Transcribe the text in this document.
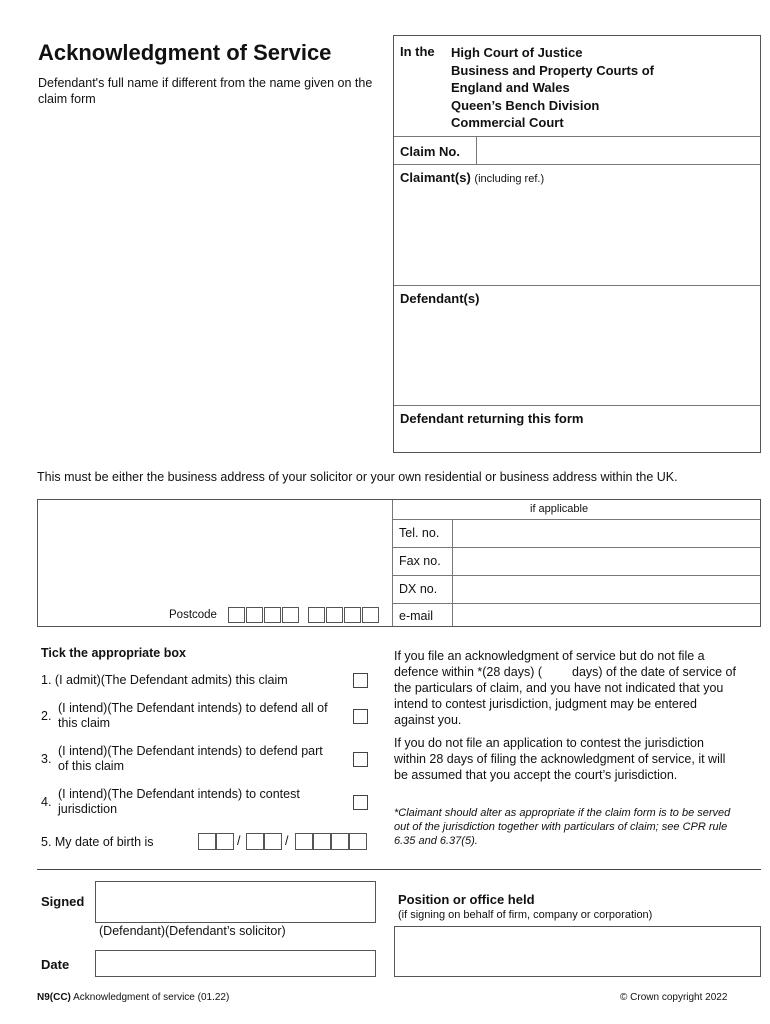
Acknowledgment of Service
Defendant's full name if different from the name given on the claim form
In the High Court of Justice
Business and Property Courts of
England and Wales
Queen’s Bench Division
Commercial Court
Claim No.
Claimant(s) (including ref.)
Defendant(s)
Defendant returning this form
This must be either the business address of your solicitor or your own residential or business address within the UK.
if applicable
Tel. no.
Fax no.
DX no.
e-mail
Postcode
Tick the appropriate box
1. (I admit)(The Defendant admits) this claim
2.
(I intend)(The Defendant intends) to defend all of this claim
3.
(I intend)(The Defendant intends) to defend part of this claim
4.
(I intend)(The Defendant intends) to contest jurisdiction
5. My date of birth is	/	/
If you file an acknowledgment of service but do not file a defence within *(28 days) ( days) of the date of service of the particulars of claim, and you have not indicated that you intend to contest jurisdiction, judgment may be entered against you.
If you do not file an application to contest the jurisdiction within 28 days of filing the acknowledgment of service, it will be assumed that you accept the court’s jurisdiction.
*Claimant should alter as appropriate if the claim form is to be served out of the jurisdiction together with particulars of claim; see CPR rule 6.35 and 6.37(5).
Signed
(Defendant)(Defendant’s solicitor)
Date
Position or office held
(if signing on behalf of firm, company or corporation)
N9(CC) Acknowledgment of service (01.22)	© Crown copyright 2022
